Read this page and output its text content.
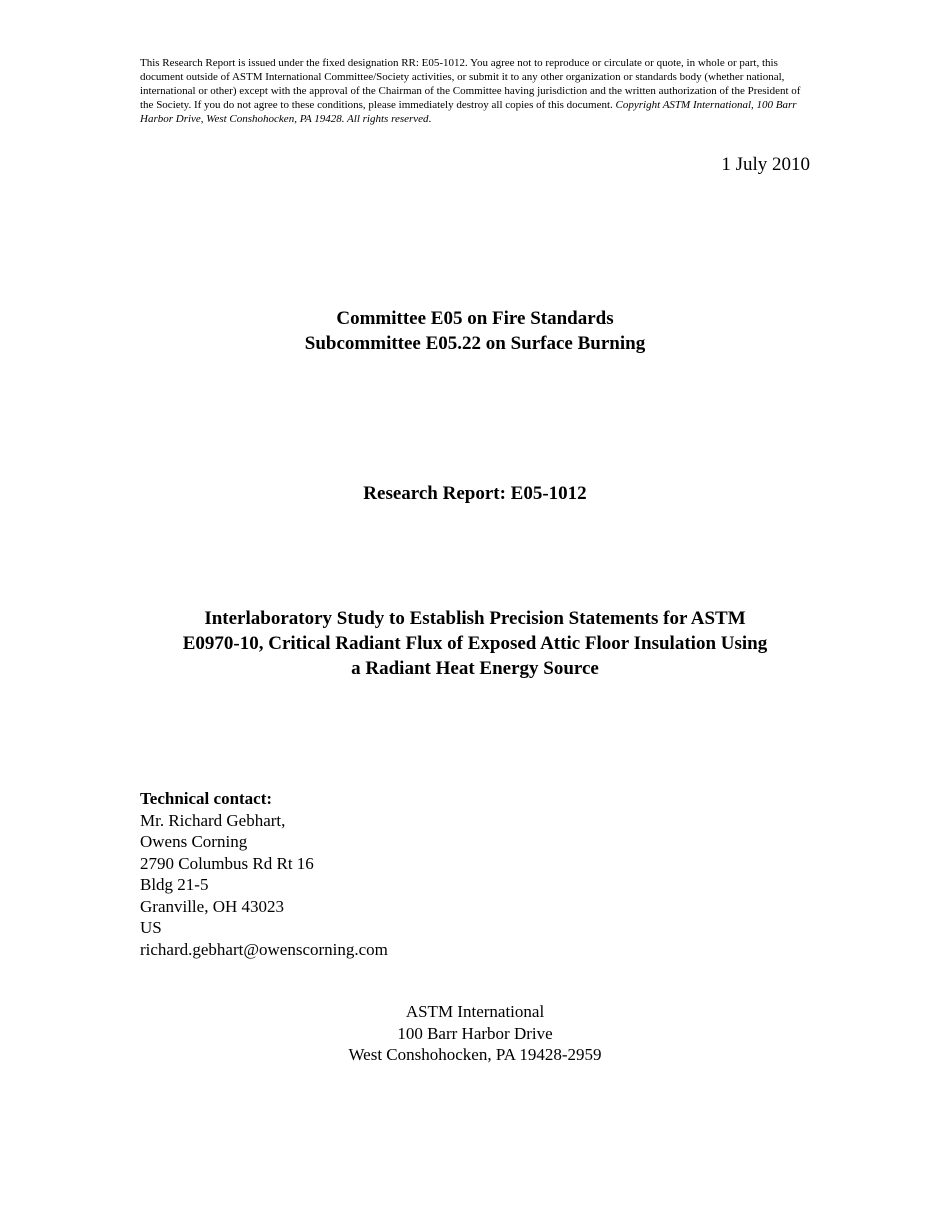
This Research Report is issued under the fixed designation RR: E05-1012. You agree not to reproduce or circulate or quote, in whole or part, this document outside of ASTM International Committee/Society activities, or submit it to any other organization or standards body (whether national, international or other) except with the approval of the Chairman of the Committee having jurisdiction and the written authorization of the President of the Society. If you do not agree to these conditions, please immediately destroy all copies of this document. Copyright ASTM International, 100 Barr Harbor Drive, West Conshohocken, PA 19428. All rights reserved.
1 July 2010
Committee E05 on Fire Standards
Subcommittee E05.22 on Surface Burning
Research Report: E05-1012
Interlaboratory Study to Establish Precision Statements for ASTM
E0970-10, Critical Radiant Flux of Exposed Attic Floor Insulation Using
a Radiant Heat Energy Source
Technical contact:
Mr. Richard Gebhart,
Owens Corning
2790 Columbus Rd Rt 16
Bldg 21-5
Granville, OH 43023
US
richard.gebhart@owenscorning.com
ASTM International
100 Barr Harbor Drive
West Conshohocken, PA 19428-2959
